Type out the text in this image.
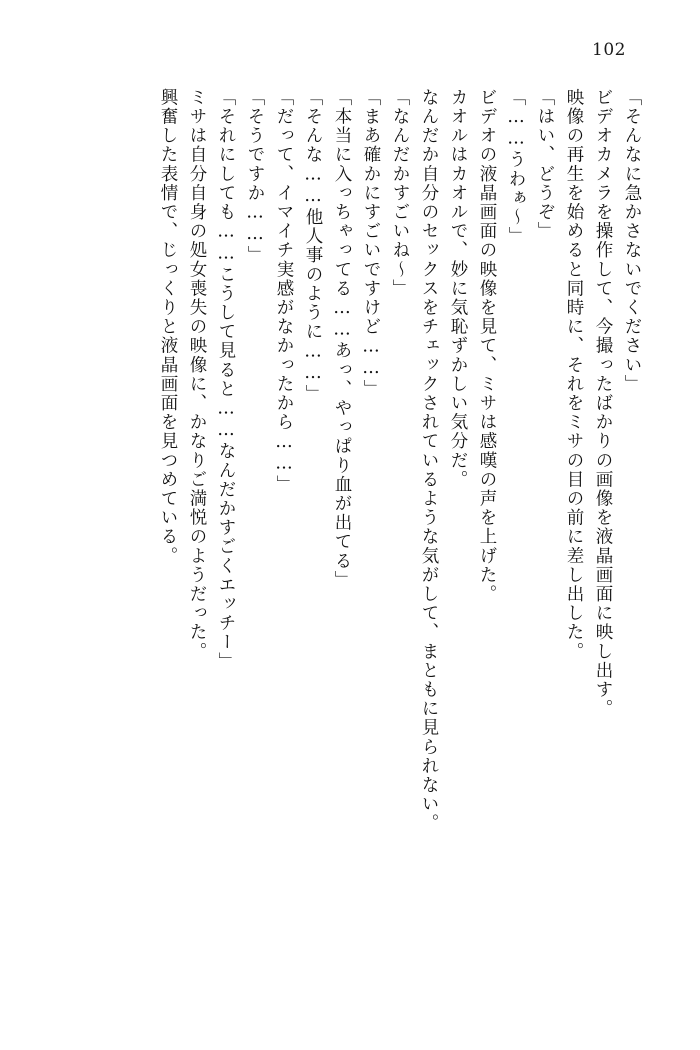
102
「そんなに急かさないでください」
ビデオカメラを操作して、今撮ったばかりの画像を液晶画面に映し出す。
映像の再生を始めると同時に、それをミサの目の前に差し出した。
「はい、どうぞ」
「……うわぁ～」
ビデオの液晶画面の映像を見て、ミサは感嘆の声を上げた。
カオルはカオルで、妙に気恥ずかしい気分だ。
なんだか自分のセックスをチェックされているような気がして、まともに見られない。
「なんだかすごいね～」
「まあ確かにすごいですけど……」
「本当に入っちゃってる……あっ、やっぱり血が出てる」
「そんな……他人事のように……」
「だって、イマイチ実感がなかったから……」
「そうですか……」
「それにしても……こうして見ると……なんだかすごくエッチー」
ミサは自分自身の処女喪失の映像に、かなりご満悦のようだった。
興奮した表情で、じっくりと液晶画面を見つめている。
